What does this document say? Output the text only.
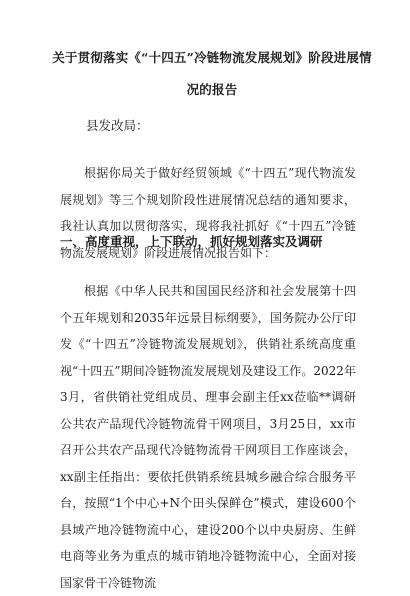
关于贯彻落实《“十四五”冷链物流发展规划》阶段进展情况的报告
县发改局：

根据你局关于做好经贸领域《“十四五”现代物流发展规划》等三个规划阶段性进展情况总结的通知要求，我社认真加以贯彻落实，现将我社抓好《“十四五”冷链物流发展规划》阶段进展情况报告如下：

一、高度重视，上下联动，抓好规划落实及调研

根据《中华人民共和国国民经济和社会发展第十四个五年规划和2035年远景目标纲要》，国务院办公厅印发《“十四五”冷链物流发展规划》，供销社系统高度重视“十四五”期间冷链物流发展规划及建设工作。2022年3月，省供销社党组成员、理事会副主任xx莅临**调研公共农产品现代冷链物流骨干网项目，3月25日，xx市召开公共农产品现代冷链物流骨干网项目工作座谈会，xx副主任指出：要依托供销系统县城乡融合综合服务平台，按照“1个中心+N个田头保鲜仓”模式，建设600个县域产地冷链物流中心，建设200个以中央厨房、生鲜电商等业务为重点的城市销地冷链物流中心，全面对接国家骨干冷链物流
